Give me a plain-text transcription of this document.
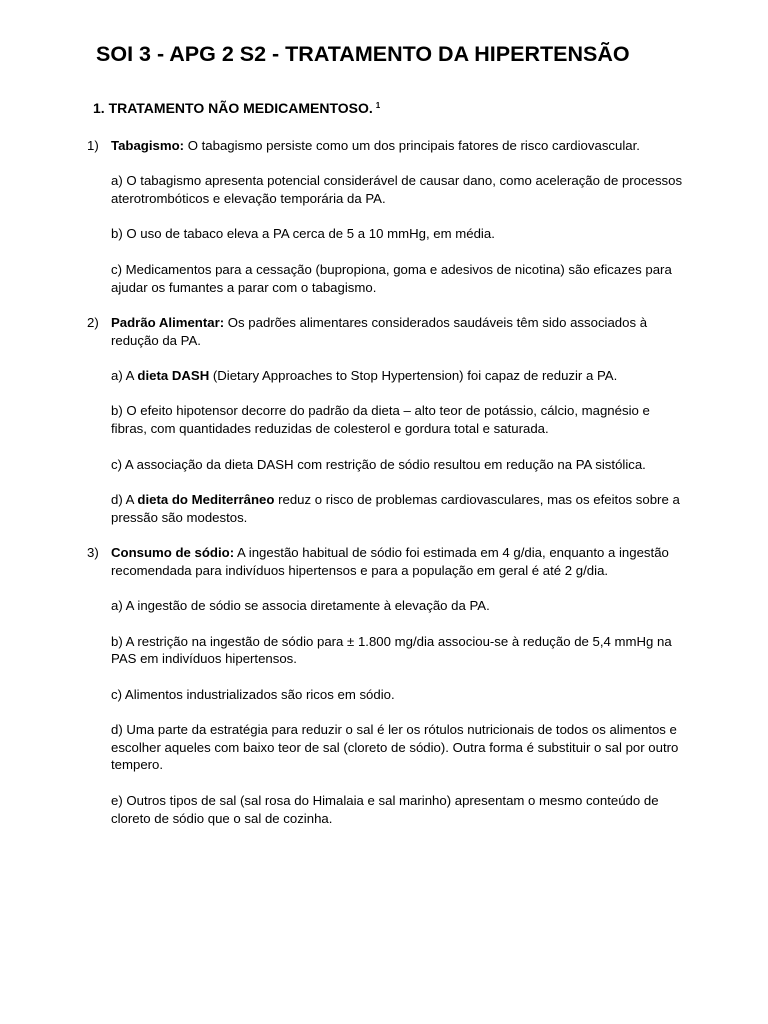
SOI 3 - APG 2 S2 - TRATAMENTO DA HIPERTENSÃO
1. TRATAMENTO NÃO MEDICAMENTOSO. $^1$
1) Tabagismo: O tabagismo persiste como um dos principais fatores de risco cardiovascular.

a) O tabagismo apresenta potencial considerável de causar dano, como aceleração de processos aterotrombóticos e elevação temporária da PA.

b) O uso de tabaco eleva a PA cerca de 5 a 10 mmHg, em média.

c) Medicamentos para a cessação (bupropiona, goma e adesivos de nicotina) são eficazes para ajudar os fumantes a parar com o tabagismo.

2) Padrão Alimentar: Os padrões alimentares considerados saudáveis têm sido associados à redução da PA.

a) A dieta DASH (Dietary Approaches to Stop Hypertension) foi capaz de reduzir a PA.

b) O efeito hipotensor decorre do padrão da dieta – alto teor de potássio, cálcio, magnésio e fibras, com quantidades reduzidas de colesterol e gordura total e saturada.

c) A associação da dieta DASH com restrição de sódio resultou em redução na PA sistólica.

d) A dieta do Mediterrâneo reduz o risco de problemas cardiovasculares, mas os efeitos sobre a pressão são modestos.

3) Consumo de sódio: A ingestão habitual de sódio foi estimada em 4 g/dia, enquanto a ingestão recomendada para indivíduos hipertensos e para a população em geral é até 2 g/dia.

a) A ingestão de sódio se associa diretamente à elevação da PA.

b) A restrição na ingestão de sódio para ± 1.800 mg/dia associou-se à redução de 5,4 mmHg na PAS em indivíduos hipertensos.

c) Alimentos industrializados são ricos em sódio.

d) Uma parte da estratégia para reduzir o sal é ler os rótulos nutricionais de todos os alimentos e escolher aqueles com baixo teor de sal (cloreto de sódio). Outra forma é substituir o sal por outro tempero.

e) Outros tipos de sal (sal rosa do Himalaia e sal marinho) apresentam o mesmo conteúdo de cloreto de sódio que o sal de cozinha.
